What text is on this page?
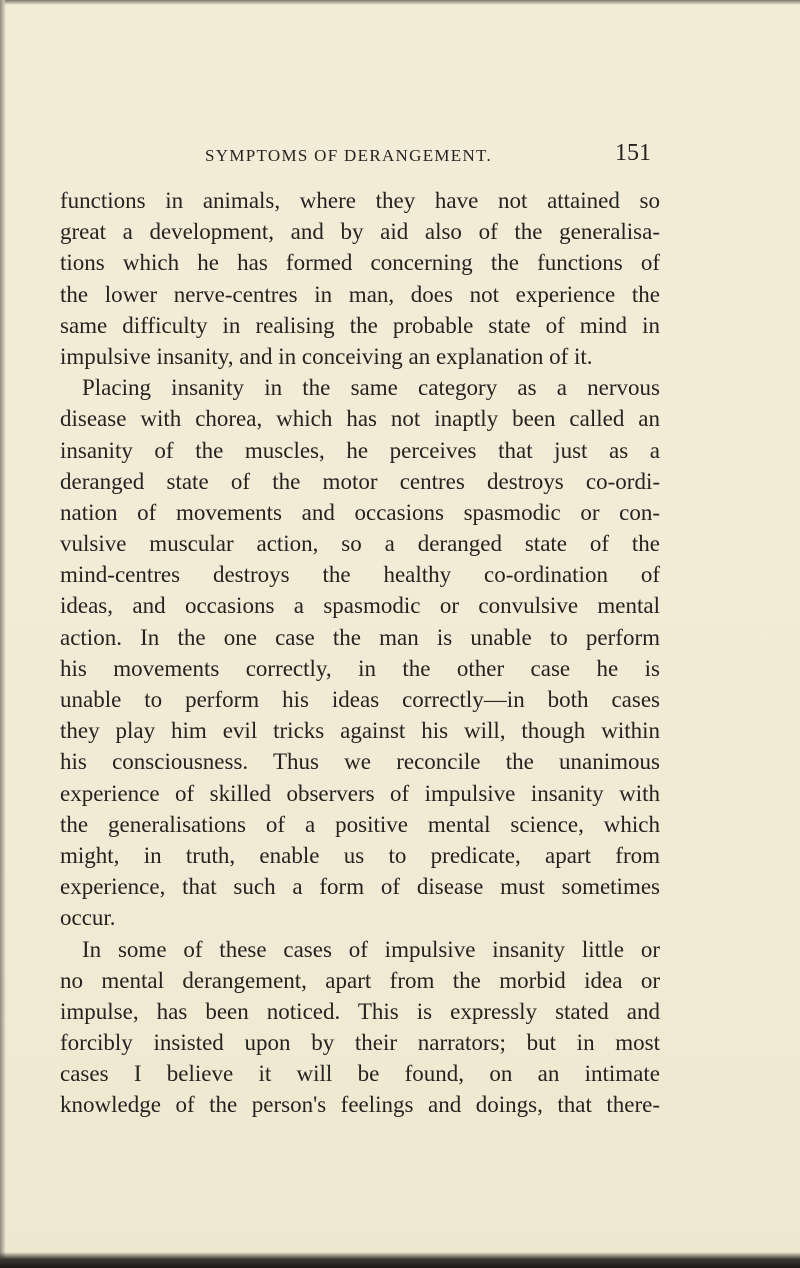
SYMPTOMS OF DERANGEMENT.	151
functions in animals, where they have not attained so
great a development, and by aid also of the generalisa-
tions which he has formed concerning the functions of
the lower nerve-centres in man, does not experience the
same difficulty in realising the probable state of mind in
impulsive insanity, and in conceiving an explanation of it.
Placing insanity in the same category as a nervous
disease with chorea, which has not inaptly been called an
insanity of the muscles, he perceives that just as a
deranged state of the motor centres destroys co-ordi-
nation of movements and occasions spasmodic or con-
vulsive muscular action, so a deranged state of the
mind-centres destroys the healthy co-ordination of
ideas, and occasions a spasmodic or convulsive mental
action. In the one case the man is unable to perform
his movements correctly, in the other case he is
unable to perform his ideas correctly—in both cases
they play him evil tricks against his will, though within
his consciousness. Thus we reconcile the unanimous
experience of skilled observers of impulsive insanity with
the generalisations of a positive mental science, which
might, in truth, enable us to predicate, apart from
experience, that such a form of disease must sometimes
occur.
In some of these cases of impulsive insanity little or
no mental derangement, apart from the morbid idea or
impulse, has been noticed. This is expressly stated and
forcibly insisted upon by their narrators; but in most
cases I believe it will be found, on an intimate
knowledge of the person's feelings and doings, that there-
